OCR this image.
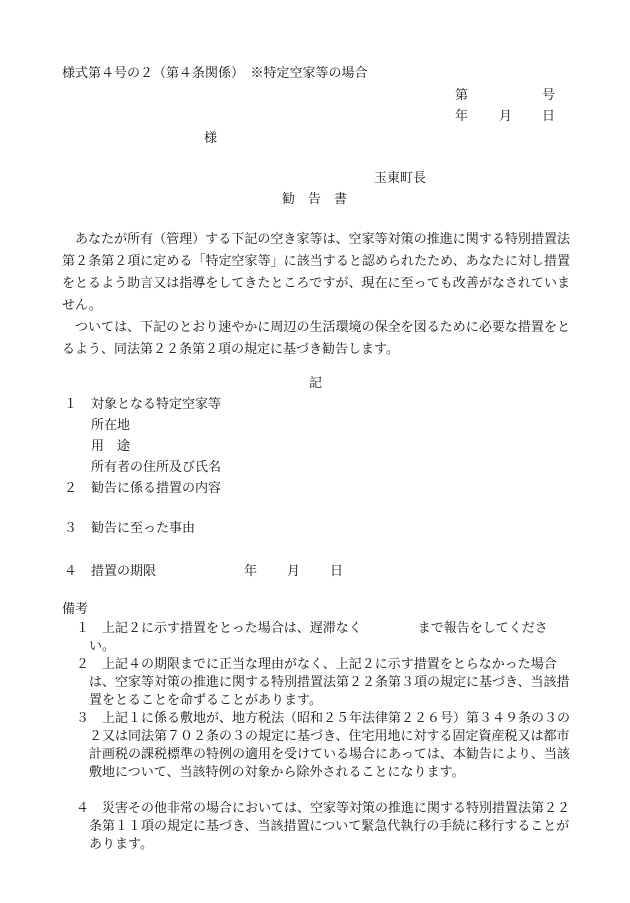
様式第４号の２（第４条関係）　※特定空家等の場合
第	号
年 月 日
様
玉東町長
勧　告　書

あなたが所有（管理）する下記の空き家等は、空家等対策の推進に関する特別措置法第２条第２項に定める「特定空家等」に該当すると認められたため、あなたに対し措置をとるよう助言又は指導をしてきたところですが、現在に至っても改善がなされていません。

ついては、下記のとおり速やかに周辺の生活環境の保全を図るために必要な措置をとるよう、同法第２２条第２項の規定に基づき勧告します。

記
１ 対象となる特定空家等
所在地
用　途
所有者の住所及び氏名
２ 勧告に係る措置の内容
３ 勧告に至った事由
４ 措置の期限	年 月 日
備考
１ 上記２に示す措置をとった場合は、遅滞なく	まで報告をしてください。
２ 上記４の期限までに正当な理由がなく、上記２に示す措置をとらなかった場合は、空家等対策の推進に関する特別措置法第２２条第３項の規定に基づき、当該措置をとることを命ずることがあります。
３ 上記１に係る敷地が、地方税法（昭和２５年法律第２２６号）第３４９条の３の２又は同法第７０２条の３の規定に基づき、住宅用地に対する固定資産税又は都市計画税の課税標準の特例の適用を受けている場合にあっては、本勧告により、当該敷地について、当該特例の対象から除外されることになります。
４ 災害その他非常の場合においては、空家等対策の推進に関する特別措置法第２２条第１１項の規定に基づき、当該措置について緊急代執行の手続に移行することがあります。
